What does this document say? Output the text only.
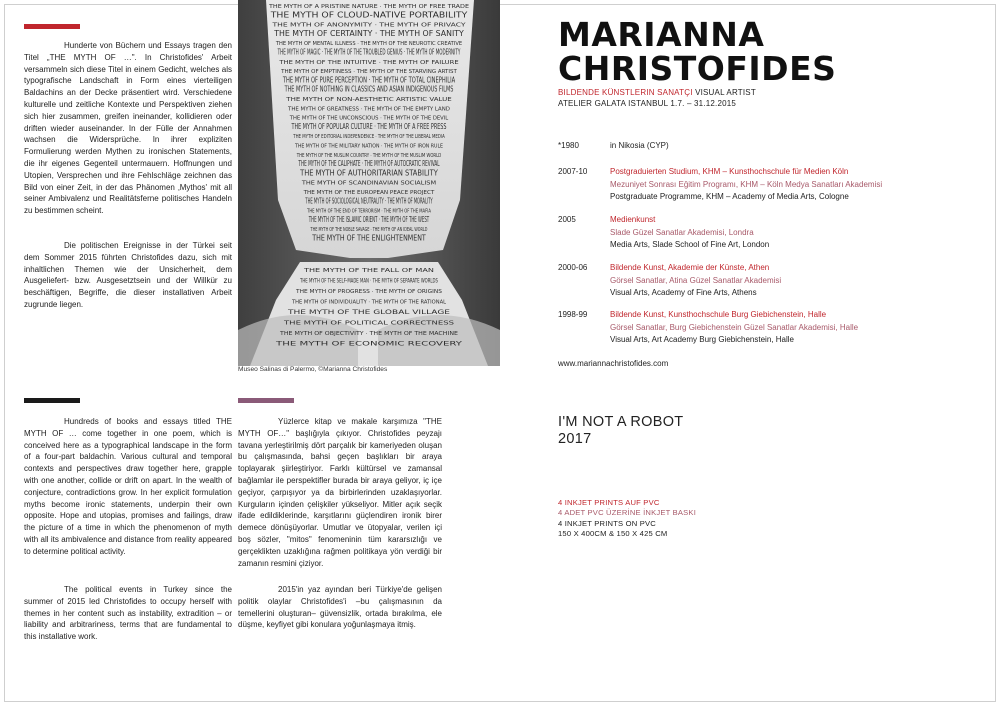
Hunderte von Büchern und Essays tragen den Titel „THE MYTH OF …". In Christofides' Arbeit versammeln sich diese Titel in einem Gedicht, welches als typografische Landschaft in Form eines vierteiligen Baldachins an der Decke präsentiert wird. Verschiedene kulturelle und zeitliche Kontexte und Perspektiven ziehen sich hier zusammen, greifen ineinander, kollidieren oder driften wieder auseinander. In der Fülle der Annahmen wachsen die Widersprüche. In ihrer expliziten Formulierung werden Mythen zu ironischen Statements, die ihr eigenes Gegenteil untermauern. Hoffnungen und Utopien, Versprechen und ihre Fehlschläge zeichnen das Bild von einer Zeit, in der das Phänomen ‚Mythos' mit all seiner Ambivalenz und Realitätsferne politisches Handeln zu bestimmen scheint.

Die politischen Ereignisse in der Türkei seit dem Sommer 2015 führten Christofides dazu, sich mit inhaltlichen Themen wie der Unsicherheit, dem Ausgeliefert- bzw. Ausgesetztsein und der Willkür zu beschäftigen, Begriffe, die dieser installativen Arbeit zugrunde liegen.

Hundreds of books and essays titled THE MYTH OF … come together in one poem, which is conceived here as a typographical landscape in the form of a four-part baldachin. Various cultural and temporal contexts and perspectives draw together here, grapple with one another, collide or drift on apart. In the wealth of conjecture, contradictions grow. In her explicit formulation myths become ironic statements, underpin their own opposite. Hope and utopias, promises and failings, draw the picture of a time in which the phenomenon of myth with all its ambivalence and distance from reality appeared to determine political activity.

The political events in Turkey since the summer of 2015 led Christofides to occupy herself with themes in her content such as instability, extradition – or liability and arbitrariness, terms that are fundamental to this installative work.

THE MYTH OF A PRISTINE NATURE · THE MYTH OF FREE TRADE
THE MYTH OF CLOUD-NATIVE PORTABILITY
THE MYTH OF ANONYMITY · THE MYTH OF PRIVACY
THE MYTH OF CERTAINTY · THE MYTH OF SANITY
THE MYTH OF MENTAL ILLNESS · THE MYTH OF THE NEUROTIC CREATIVE
THE MYTH OF MAGIC · THE MYTH OF THE TROUBLED GENIUS · THE MYTH OF MODERNITY
THE MYTH OF THE INTUITIVE · THE MYTH OF FAILURE
THE MYTH OF EMPTINESS · THE MYTH OF THE STARVING ARTIST
THE MYTH OF PURE PERCEPTION · THE MYTH OF TOTAL CINEPHILIA
THE MYTH OF NOTHING IN CLASSICS AND ASIAN INDIGENOUS FILMS
THE MYTH OF NON-AESTHETIC ARTISTIC VALUE
THE MYTH OF GREATNESS · THE MYTH OF THE EMPTY LAND
THE MYTH OF THE UNCONSCIOUS · THE MYTH OF THE DEVIL
THE MYTH OF POPULAR CULTURE · THE MYTH OF A FREE PRESS
THE MYTH OF EDITORIAL INDEPENDENCE · THE MYTH OF THE LIBERAL MEDIA
THE MYTH OF THE MILITARY NATION · THE MYTH OF IRON RULE
THE MYTH OF THE MUSLIM COUNTRY · THE MYTH OF THE MUSLIM WORLD
THE MYTH OF THE CALIPHATE · THE MYTH OF AUTOCRATIC REVIVAL
THE MYTH OF AUTHORITARIAN STABILITY
THE MYTH OF SCANDINAVIAN SOCIALISM
THE MYTH OF THE EUROPEAN PEACE PROJECT
THE MYTH OF SOCIOLOGICAL NEUTRALITY · THE MYTH OF MORALITY
THE MYTH OF THE END OF TERRORISM · THE MYTH OF THE MAFIA
THE MYTH OF THE ISLAMIC ORIENT · THE MYTH OF THE WEST
THE MYTH OF THE NOBLE SAVAGE · THE MYTH OF AN IDEAL WORLD
THE MYTH OF THE ENLIGHTENMENT
THE MYTH OF THE FALL OF MAN
THE MYTH OF THE SELF-MADE MAN · THE MYTH OF SEPARATE WORLDS
THE MYTH OF PROGRESS · THE MYTH OF ORIGINS
THE MYTH OF INDIVIDUALITY · THE MYTH OF THE RATIONAL
THE MYTH OF THE GLOBAL VILLAGE
THE MYTH OF POLITICAL CORRECTNESS
THE MYTH OF OBJECTIVITY · THE MYTH OF THE MACHINE
THE MYTH OF ECONOMIC RECOVERY
Museo Salinas di Palermo, ©Marianna Christofides

Yüzlerce kitap ve makale karşımıza "THE MYTH OF…" başlığıyla çıkıyor. Christofides peyzajı tavana yerleştirilmiş dört parçalık bir kameriyeden oluşan bu çalışmasında, bahsi geçen başlıkları bir araya toplayarak şiirleştiriyor. Farklı kültürsel ve zamansal bağlamlar ile perspektifler burada bir araya geliyor, iç içe geçiyor, çarpışıyor ya da birbirlerinden uzaklaşıyorlar. Kurguların içinden çelişkiler yükseliyor. Mitler açık seçik ifade edildiklerinde, karşıtlarını güçlendiren ironik birer demece dönüşüyorlar. Umutlar ve ütopyalar, verilen içi boş sözler, "mitos" fenomeninin tüm kararsızlığı ve gerçeklikten uzaklığına rağmen politikaya yön verdiği bir zamanın resmini çiziyor.

2015'in yaz ayından beri Türkiye'de gelişen politik olaylar Christofides'i –bu çalışmasının da temellerini oluşturan– güvensizlik, ortada bırakılma, ele düşme, keyfiyet gibi konulara yoğunlaşmaya itmiş.

MARIANNA
CHRISTOFIDES
BILDENDE KÜNSTLERIN SANATÇI VISUAL ARTIST
ATELIER GALATA ISTANBUL 1.7. – 31.12.2015
*1980	in Nikosia (CYP)
2007-10	Postgraduierten Studium, KHM – Kunsthochschule für Medien Köln
Mezuniyet Sonrası Eğitim Programı, KHM – Köln Medya Sanatları Akademisi
Postgraduate Programme, KHM – Academy of Media Arts, Cologne
2005	Medienkunst
Slade Güzel Sanatlar Akademisi, Londra
Media Arts, Slade School of Fine Art, London
2000-06	Bildende Kunst, Akademie der Künste, Athen
Görsel Sanatlar, Atina Güzel Sanatlar Akademisi
Visual Arts, Academy of Fine Arts, Athens
1998-99	Bildende Kunst, Kunsthochschule Burg Giebichenstein, Halle
Görsel Sanatlar, Burg Giebichenstein Güzel Sanatlar Akademisi, Halle
Visual Arts, Art Academy Burg Giebichenstein, Halle
www.mariannachristofides.com
I'M NOT A ROBOT
2017
4 INKJET PRINTS AUF PVC
4 ADET PVC ÜZERİNE İNKJET BASKI
4 INKJET PRINTS ON PVC
150 X 400CM & 150 X 425 CM
